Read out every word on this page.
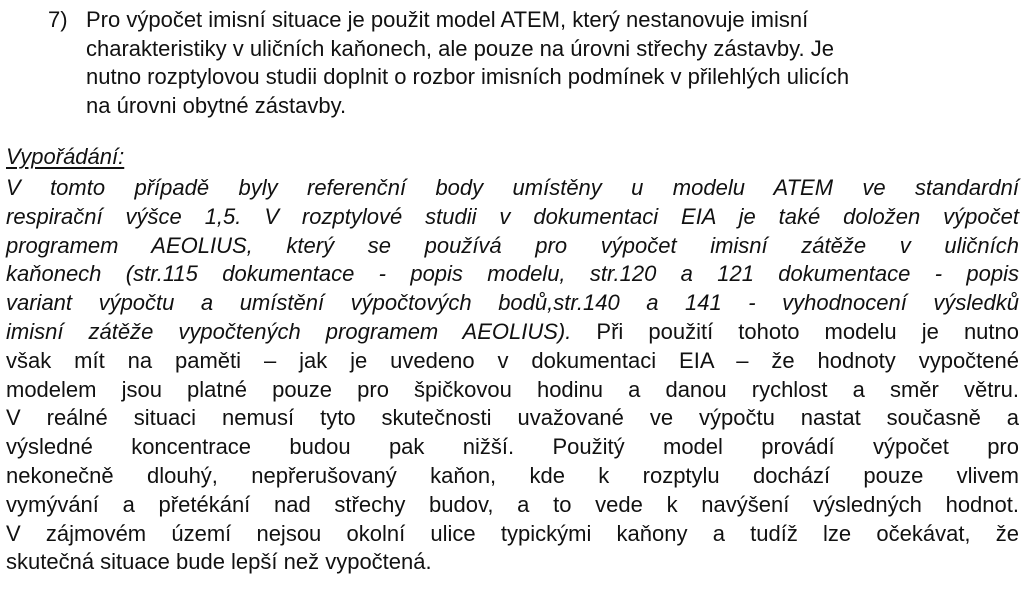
7) Pro výpočet imisní situace je použit model ATEM, který nestanovuje imisní
charakteristiky v uličních kaňonech, ale pouze na úrovni střechy zástavby. Je
nutno rozptylovou studii doplnit o rozbor imisních podmínek v přilehlých ulicích
na úrovni obytné zástavby.
Vypořádání:
V tomto případě byly referenční body umístěny u modelu ATEM ve standardní
respirační výšce 1,5. V rozptylové studii v dokumentaci EIA je také doložen výpočet
programem AEOLIUS, který se používá pro výpočet imisní zátěže v uličních
kaňonech (str.115 dokumentace - popis modelu, str.120 a 121 dokumentace - popis
variant výpočtu a umístění výpočtových bodů,str.140 a 141 - vyhodnocení výsledků
imisní zátěže vypočtených programem AEOLIUS). Při použití tohoto modelu je nutno
však mít na paměti – jak je uvedeno v dokumentaci EIA – že hodnoty vypočtené
modelem jsou platné pouze pro špičkovou hodinu a danou rychlost a směr větru.
V reálné situaci nemusí tyto skutečnosti uvažované ve výpočtu nastat současně a
výsledné koncentrace budou pak nižší. Použitý model provádí výpočet pro
nekonečně dlouhý, nepřerušovaný kaňon, kde k rozptylu dochází pouze vlivem
vymývání a přetékání nad střechy budov, a to vede k navýšení výsledných hodnot.
V zájmovém území nejsou okolní ulice typickými kaňony a tudíž lze očekávat, že
skutečná situace bude lepší než vypočtená.
